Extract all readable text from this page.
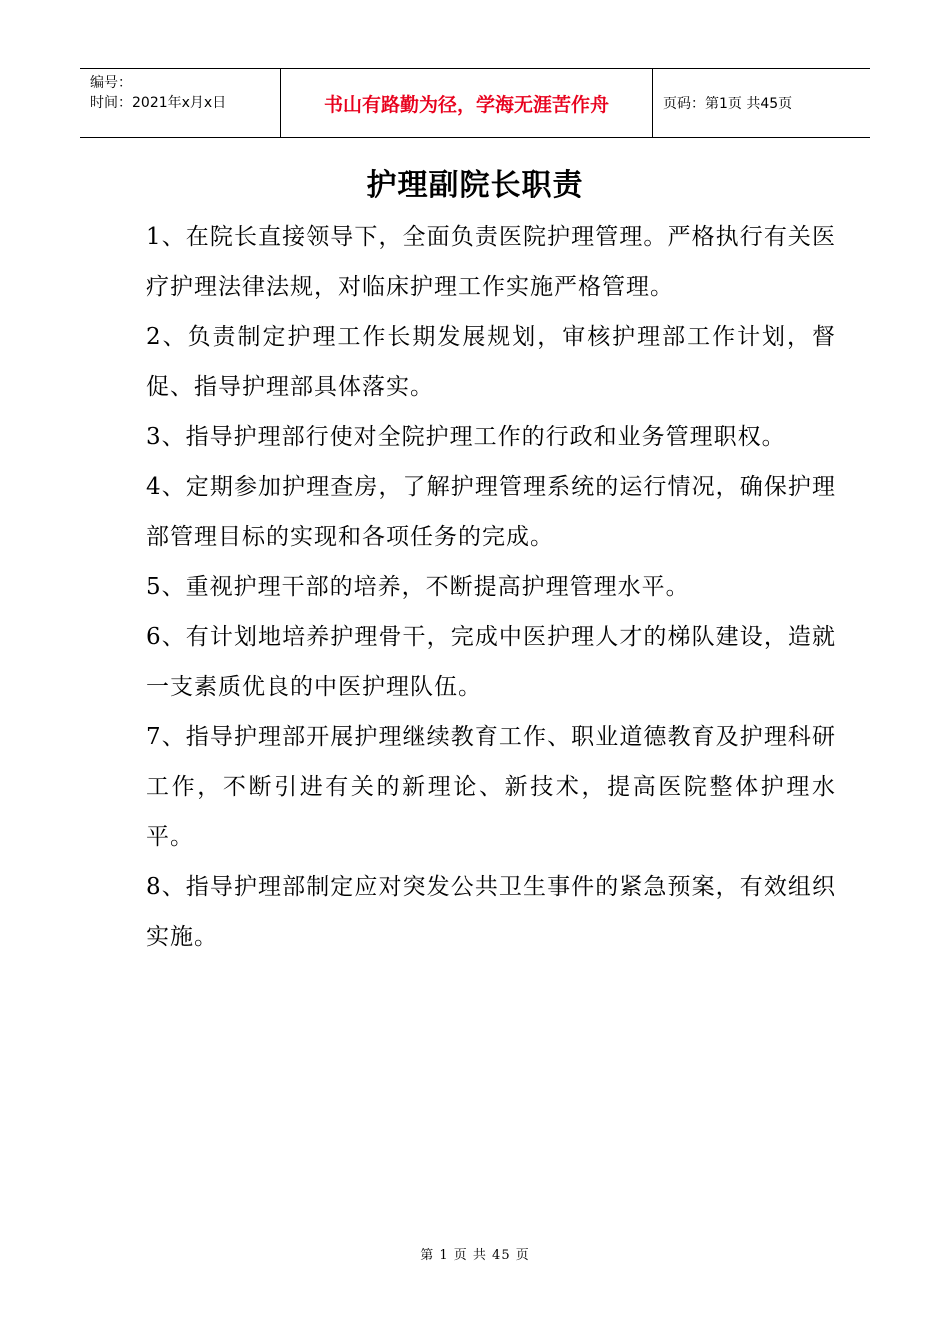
编号：
时间：2021年x月x日	书山有路勤为径，学海无涯苦作舟	页码：第1页 共45页
护理副院长职责

1、在院长直接领导下，全面负责医院护理管理。严格执行有关医疗护理法律法规，对临床护理工作实施严格管理。

2、负责制定护理工作长期发展规划，审核护理部工作计划，督促、指导护理部具体落实。

3、指导护理部行使对全院护理工作的行政和业务管理职权。

4、定期参加护理查房，了解护理管理系统的运行情况，确保护理部管理目标的实现和各项任务的完成。

5、重视护理干部的培养，不断提高护理管理水平。

6、有计划地培养护理骨干，完成中医护理人才的梯队建设，造就一支素质优良的中医护理队伍。

7、指导护理部开展护理继续教育工作、职业道德教育及护理科研工作，不断引进有关的新理论、新技术，提高医院整体护理水平。

8、指导护理部制定应对突发公共卫生事件的紧急预案，有效组织实施。

第 1 页 共 45 页
